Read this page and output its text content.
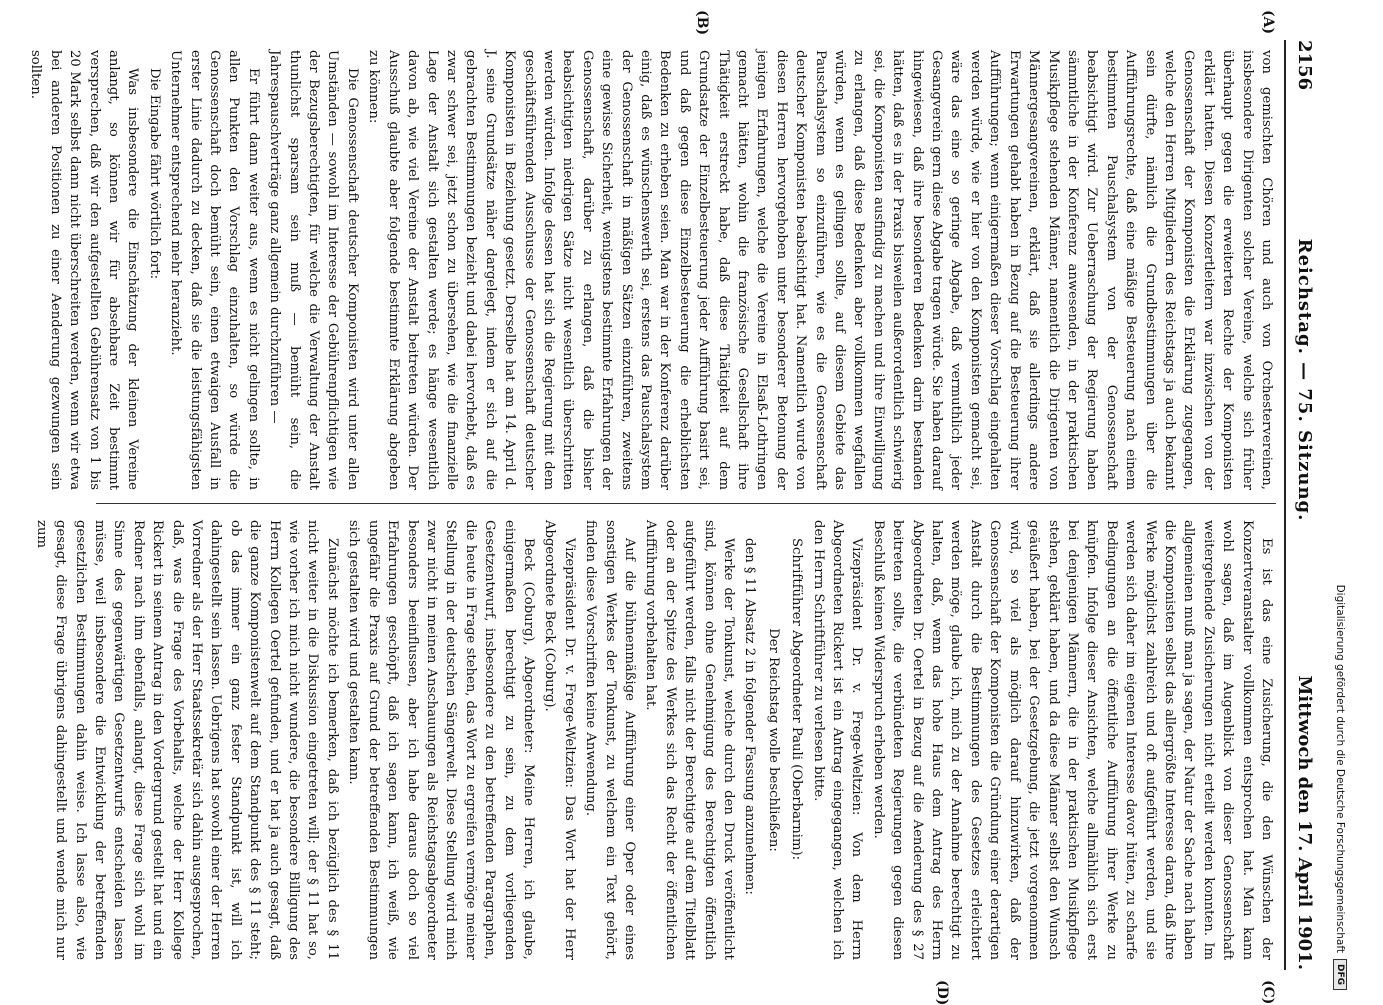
2156
Reichstag. — 75. Sitzung.
Mittwoch den 17. April 1901.
(A)
(B)
(C)
(D)

von gemischten Chören und auch von Orchestervereinen, insbesondere Dirigenten solcher Vereine, welche sich früher überhaupt gegen die erweiterten Rechte der Komponisten erklärt hatten. Diesen Konzertleitern war inzwischen von der Genossenschaft der Komponisten die Erklärung zugegangen, welche den Herren Mitgliedern des Reichstags ja auch bekannt sein dürfte, nämlich die Grundbestimmungen über die Aufführungsrechte, daß eine mäßige Besteuerung nach einem bestimmten Pauschalsystem von der Genossenschaft beabsichtigt wird. Zur Ueberraschung der Regierung haben sämmtliche in der Konferenz anwesenden, in der praktischen Musikpflege stehenden Männer, namentlich die Dirigenten von Männergesangvereinen, erklärt, daß sie allerdings andere Erwartungen gehabt haben in Bezug auf die Besteuerung ihrer Aufführungen; wenn einigermaßen dieser Vorschlag eingehalten werden würde, wie er hier von den Komponisten gemacht sei, wäre das eine so geringe Abgabe, daß vermuthlich jeder Gesangverein gern diese Abgabe tragen würde. Sie haben darauf hingewiesen, daß ihre besonderen Bedenken darin bestanden hätten, daß es in der Praxis bisweilen außerordentlich schwierig sei, die Komponisten ausfindig zu machen und ihre Einwilligung zu erlangen, daß diese Bedenken aber vollkommen wegfallen würden, wenn es gelingen sollte, auf diesem Gebiete das Pauschalsystem so einzuführen, wie es die Genossenschaft deutscher Komponisten beabsichtigt hat. Namentlich wurde von diesen Herren hervorgehoben unter besonderer Betonung der jenigen Erfahrungen, welche die Vereine in Elsaß-Lothringen gemacht hätten, wohin die französische Gesellschaft ihre Thätigkeit erstreckt habe, daß diese Thätigkeit auf dem Grundsatze der Einzelbesteuerung jeder Aufführung basirt sei, und daß gegen diese Einzelbesteuerung die erheblichsten Bedenken zu erheben seien. Man war in der Konferenz darüber einig, daß es wünschenswerth sei, erstens das Pauschalsystem der Genossenschaft in mäßigen Sätzen einzuführen, zweitens eine gewisse Sicherheit, wenigstens bestimmte Erfahrungen der Genossenschaft, darüber zu erlangen, daß die bisher beabsichtigten niedrigen Sätze nicht wesentlich überschritten werden würden. Infolge dessen hat sich die Regierung mit dem geschäftsführenden Ausschusse der Genossenschaft deutscher Komponisten in Beziehung gesetzt. Derselbe hat am 14. April d. J. seine Grundsätze näher dargelegt, indem er sich auf die gebrachten Bestimmungen bezieht und dabei hervorhebt, daß es zwar schwer sei, jetzt schon zu übersehen, wie die finanzielle Lage der Anstalt sich gestalten werde; es hänge wesentlich davon ab, wie viel Vereine der Anstalt beitreten würden. Der Ausschuß glaubte aber folgende bestimmte Erklärung abgeben zu können:

Die Genossenschaft deutscher Komponisten wird unter allen Umständen — sowohl im Interesse der Gebührenpflichtigen wie der Bezugsberechtigten, für welche die Verwaltung der Anstalt thunlichst sparsam sein muß — bemüht sein, die Jahrespauschverträge ganz allgemein durchzuführen —

Er führt dann weiter aus, wenn es nicht gelingen sollte, in allen Punkten den Vorschlag einzuhalten, so würde die Genossenschaft doch bemüht sein, einen etwaigen Ausfall in erster Linie dadurch zu decken, daß sie die leistungsfähigsten Unternehmer entsprechend mehr heranzieht.

Die Eingabe fährt wörtlich fort:

Was insbesondere die Einschätzung der kleinen Vereine anlangt, so können wir für absehbare Zeit bestimmt versprechen, daß wir den aufgestellten Gebührensatz von 1 bis 20 Mark selbst dann nicht überschreiten werden, wenn wir etwa bei anderen Positionen zu einer Aenderung gezwungen sein sollten.

Es ist das eine Zusicherung, die den Wünschen der Konzertveranstalter vollkommen entsprochen hat. Man kann wohl sagen, daß im Augenblick von dieser Genossenschaft weitergehende Zusicherungen nicht erteilt werden konnten. Im allgemeinen muß man ja sagen, der Natur der Sache nach haben die Komponisten selbst das allergrößte Interesse daran, daß ihre Werke möglichst zahlreich und oft aufgeführt werden, und sie werden sich daher im eigenen Interesse davor hüten, zu scharfe Bedingungen an die öffentliche Aufführung ihrer Werke zu knüpfen. Infolge dieser Ansichten, welche allmählich sich erst bei denjenigen Männern, die in der praktischen Musikpflege stehen, geklärt haben, und da diese Männer selbst den Wunsch geäußert haben, bei der Gesetzgebung, die jetzt vorgenommen wird, so viel als möglich darauf hinzuwirken, daß der Genossenschaft der Komponisten die Gründung einer derartigen Anstalt durch die Bestimmungen des Gesetzes erleichtert werden möge, glaube ich, mich zu der Annahme berechtigt zu halten, daß, wenn das hohe Haus dem Antrag des Herrn Abgeordneten Dr. Oertel in Bezug auf die Aenderung des § 27 beitreten sollte, die verbündeten Regierungen gegen diesen Beschluß keinen Widerspruch erheben werden.

Vizepräsident Dr. v. Frege-Weltzien: Von dem Herrn Abgeordneten Rickert ist ein Antrag eingegangen, welchen ich den Herrn Schriftführer zu verlesen bitte.

Schriftführer Abgeordneter Pauli (Oberbarnim):

Der Reichstag wolle beschließen:

den § 11 Absatz 2 in folgender Fassung anzunehmen:

Werke der Tonkunst, welche durch den Druck veröffentlicht sind, können ohne Genehmigung des Berechtigten öffentlich aufgeführt werden, falls nicht der Berechtigte auf dem Titelblatt oder an der Spitze des Werkes sich das Recht der öffentlichen Aufführung vorbehalten hat.

Auf die bühnenmäßige Aufführung einer Oper oder eines sonstigen Werkes der Tonkunst, zu welchem ein Text gehört, finden diese Vorschriften keine Anwendung.

Vizepräsident Dr. v. Frege-Weltzien: Das Wort hat der Herr Abgeordnete Beck (Coburg).

Beck (Coburg), Abgeordneter: Meine Herren, ich glaube, einigermaßen berechtigt zu sein, zu dem vorliegenden Gesetzentwurf, insbesondere zu den betreffenden Paragraphen, die heute in Frage stehen, das Wort zu ergreifen vermöge meiner Stellung in der deutschen Sängerwelt. Diese Stellung wird mich zwar nicht in meinen Anschauungen als Reichstagsabgeordneter besonders beeinflussen, aber ich habe daraus doch so viel Erfahrungen geschöpft, daß ich sagen kann, ich weiß, wie ungefähr die Praxis auf Grund der betreffenden Bestimmungen sich gestalten wird und gestalten kann.

Zunächst möchte ich bemerken, daß ich bezüglich des § 11 nicht weiter in die Diskussion eingetreten will; der § 11 hat so, wie vorher ich mich nicht wundere, die besondere Billigung des Herrn Kollegen Oertel gefunden, und er hat ja auch gesagt, daß die ganze Komponistenwelt auf dem Standpunkt des § 11 steht; ob das immer ein ganz fester Standpunkt ist, will ich dahingestellt sein lassen. Uebrigens hat sowohl einer der Herren Vorredner als der Herr Staatssekretär sich dahin ausgesprochen, daß, was die Frage des Vorbehalts, welche der Herr Kollege Rickert in seinem Antrag in den Vordergrund gestellt hat und ein Redner nach ihm ebenfalls, anlangt, diese Frage sich wohl im Sinne des gegenwärtigen Gesetzentwurfs entscheiden lassen müsse, weil insbesondere die Entwicklung der betreffenden gesetzlichen Bestimmungen dahin weise. Ich lasse also, wie gesagt, diese Frage übrigens dahingestellt und wende mich nur zum

Digitalisierung gefördert durch die Deutsche Forschungsgemeinschaft
DFG
